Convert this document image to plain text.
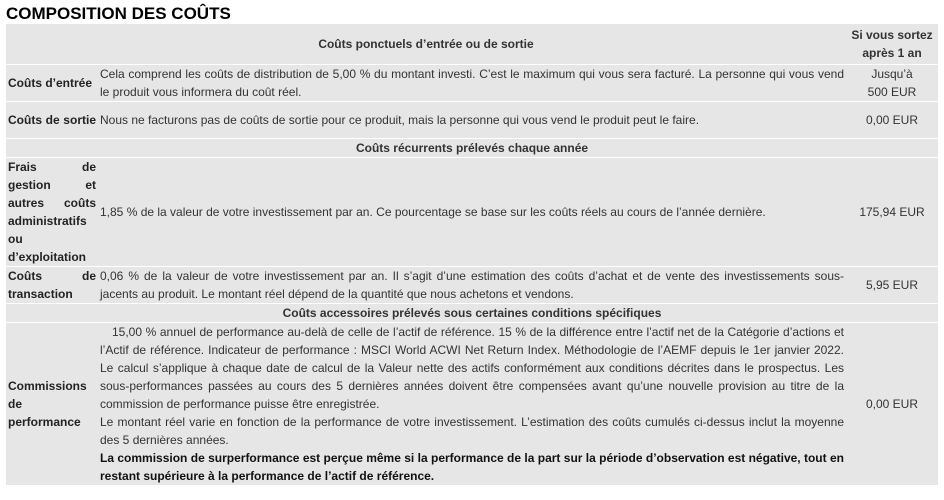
COMPOSITION DES COÛTS
Coûts ponctuels d’entrée ou de sortie		Si vous sortez
après 1 an

Coûts d’entrée	Cela comprend les coûts de distribution de 5,00 % du montant investi. C’est le maximum qui vous sera facturé. La personne qui vous vend le produit vous informera du coût réel.	Jusqu’à
500 EUR

Coûts de sortie	Nous ne facturons pas de coûts de sortie pour ce produit, mais la personne qui vous vend le produit peut le faire.	0,00 EUR
Coûts récurrents prélevés chaque année		
Frais de gestion et autres coûts administratifs ou d’exploitation	1,85 % de la valeur de votre investissement par an. Ce pourcentage se base sur les coûts réels au cours de l’année dernière.	175,94 EUR
Coûts de transaction	0,06 % de la valeur de votre investissement par an. Il s’agit d’une estimation des coûts d’achat et de vente des investissements sous-jacents au produit. Le montant réel dépend de la quantité que nous achetons et vendons.	5,95 EUR
Coûts accessoires prélevés sous certaines conditions spécifiques		
Commissions de performance	15,00 % annuel de performance au-delà de celle de l’actif de référence. 15 % de la différence entre l’actif net de la Catégorie d’actions et l’Actif de référence. Indicateur de performance : MSCI World ACWI Net Return Index. Méthodologie de l’AEMF depuis le 1er janvier 2022. Le calcul s’applique à chaque date de calcul de la Valeur nette des actifs conformément aux conditions décrites dans le prospectus. Les sous-performances passées au cours des 5 dernières années doivent être compensées avant qu’une nouvelle provision au titre de la commission de performance puisse être enregistrée.

Le montant réel varie en fonction de la performance de votre investissement. L’estimation des coûts cumulés ci-dessus inclut la moyenne des 5 dernières années.

La commission de surperformance est perçue même si la performance de la part sur la période d’observation est négative, tout en restant supérieure à la performance de l’actif de référence.	0,00 EUR
